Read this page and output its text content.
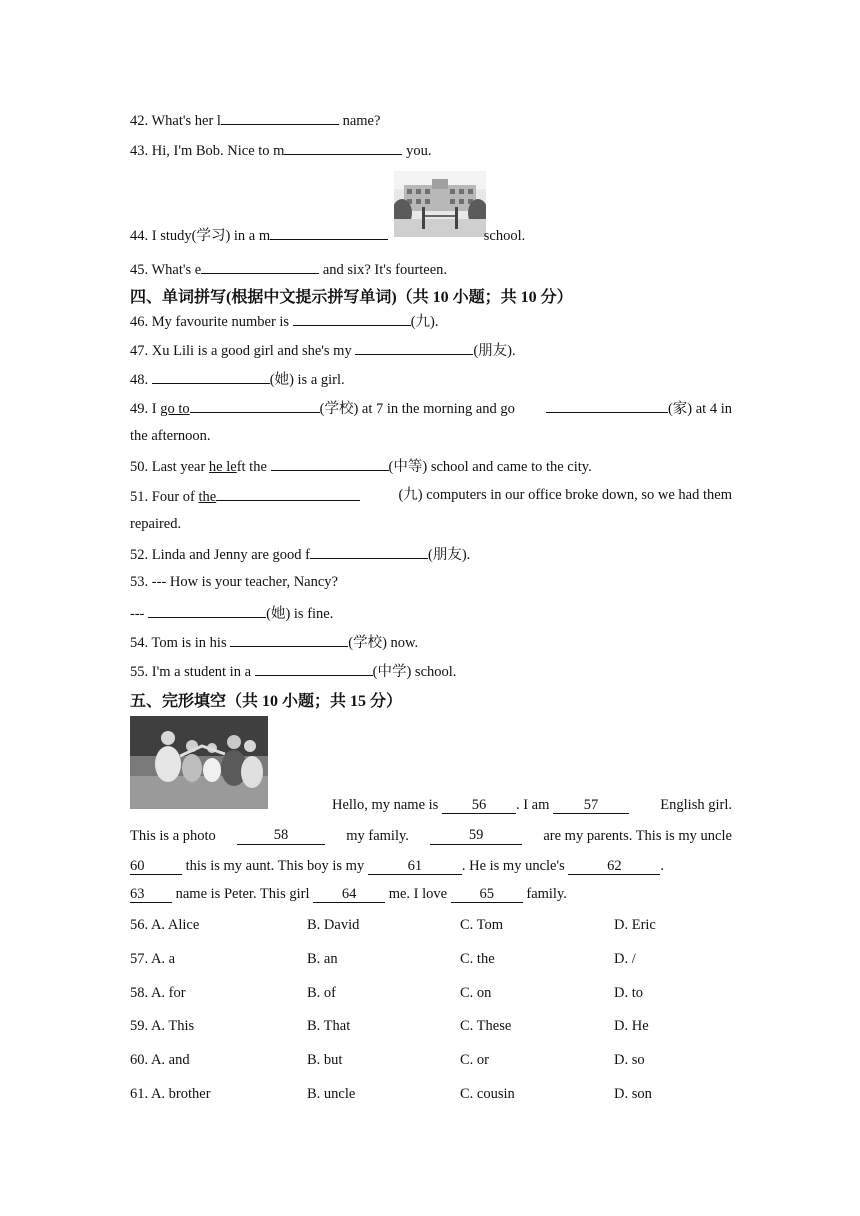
42. What's her l	name?
43. Hi, I'm Bob. Nice to m	you.
44. I study(学习) in a m	school.
45. What's e	and six? It's fourteen.
四、单词拼写(根据中文提示拼写单词)（共 10 小题；共 10 分）
46. My favourite number is	(九).
47. Xu Lili is a good girl and she's my	(朋友).
48.	(她) is a girl.
49. I go to	(学校) at 7 in the morning and go	(家) at 4 in
the afternoon.
50. Last year he left the	(中等) school and came to the city.
51. Four of the	(九) computers in our office broke down, so we had them
repaired.
52. Linda and Jenny are good f	(朋友).
53. --- How is your teacher, Nancy?
---	(她) is fine.
54. Tom is in his	(学校) now.
55. I'm a student in a	(中学) school.
五、完形填空（共 10 小题；共 15 分）
Hello, my name is 56 . I am 57	English girl.
This is a photo	58	my family.	59	are my parents. This is my uncle
60	this is my aunt. This boy is my	61	. He is my uncle's	62	.
63 name is Peter. This girl 64 me. I love 65 family.
56. A. Alice	B. David	C. Tom	D. Eric
57. A. a	B. an	C. the	D. /
58. A. for	B. of	C. on	D. to
59. A. This	B. That	C. These	D. He
60. A. and	B. but	C. or	D. so
61. A. brother	B. uncle	C. cousin	D. son
